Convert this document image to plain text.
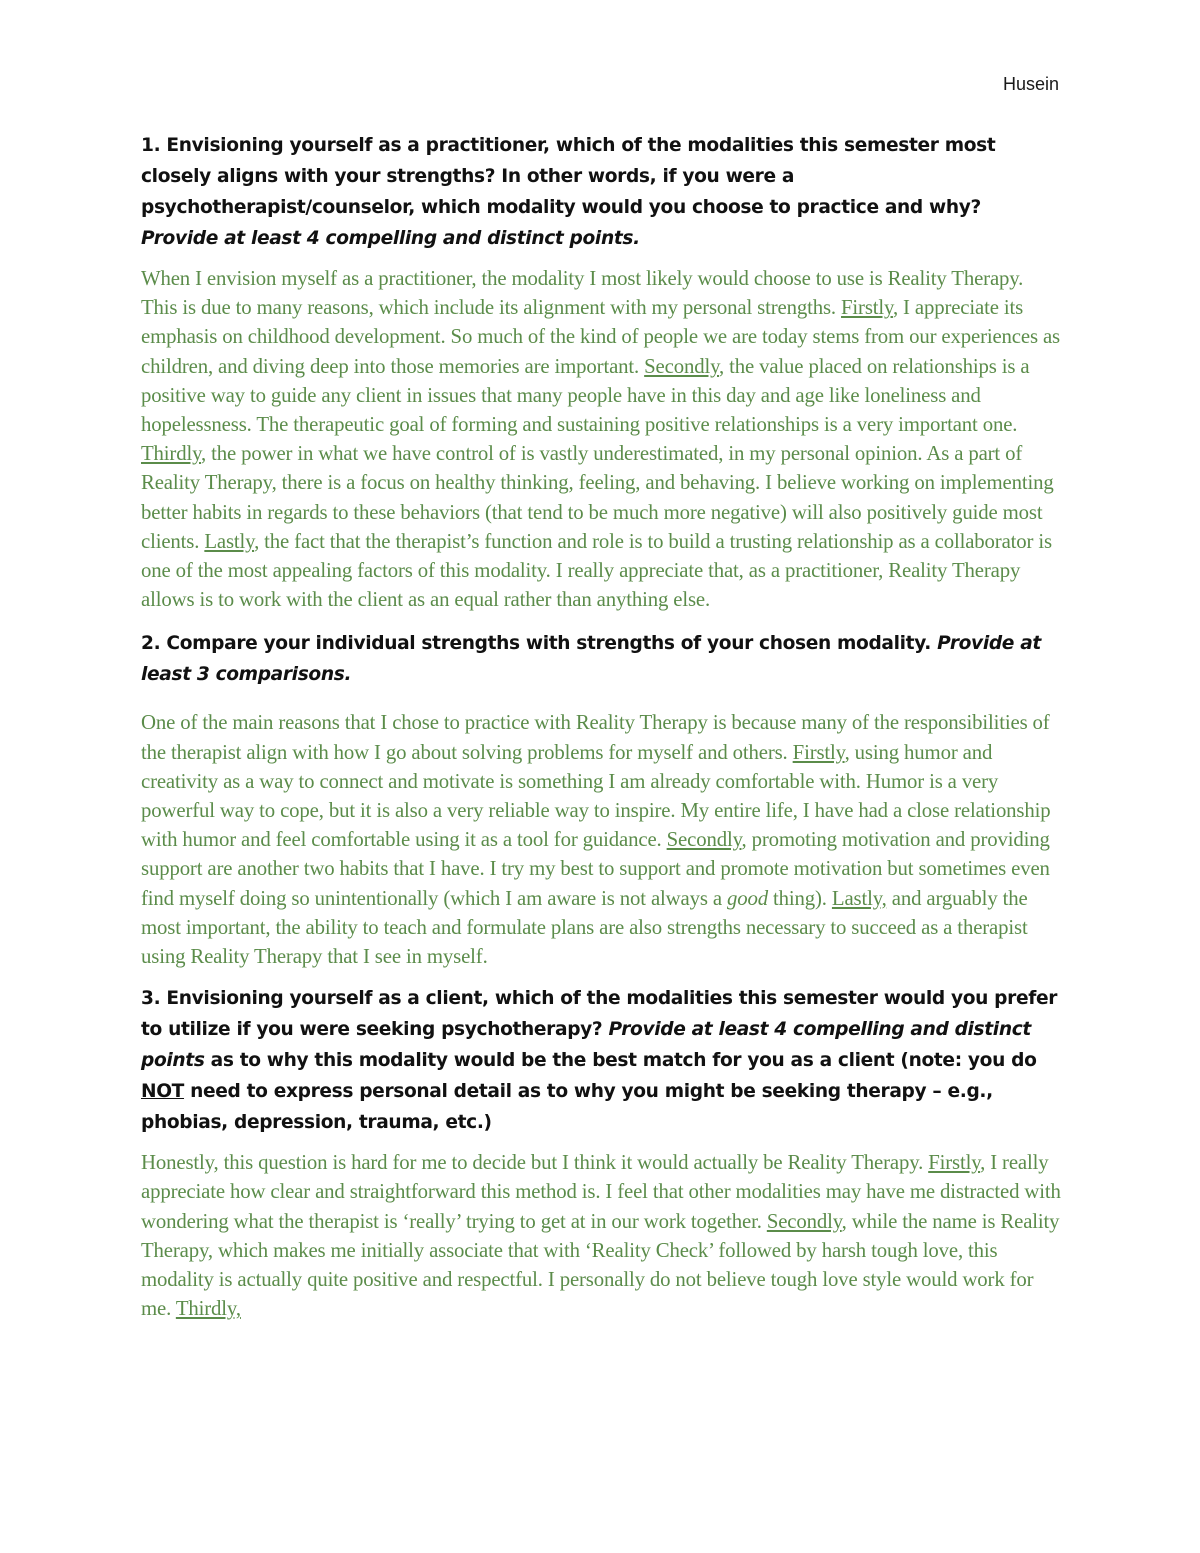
Husein

1. Envisioning yourself as a practitioner, which of the modalities this semester most closely aligns with your strengths? In other words, if you were a psychotherapist/counselor, which modality would you choose to practice and why? Provide at least 4 compelling and distinct points.

When I envision myself as a practitioner, the modality I most likely would choose to use is Reality Therapy. This is due to many reasons, which include its alignment with my personal strengths. Firstly, I appreciate its emphasis on childhood development. So much of the kind of people we are today stems from our experiences as children, and diving deep into those memories are important. Secondly, the value placed on relationships is a positive way to guide any client in issues that many people have in this day and age like loneliness and hopelessness. The therapeutic goal of forming and sustaining positive relationships is a very important one. Thirdly, the power in what we have control of is vastly underestimated, in my personal opinion. As a part of Reality Therapy, there is a focus on healthy thinking, feeling, and behaving. I believe working on implementing better habits in regards to these behaviors (that tend to be much more negative) will also positively guide most clients. Lastly, the fact that the therapist’s function and role is to build a trusting relationship as a collaborator is one of the most appealing factors of this modality. I really appreciate that, as a practitioner, Reality Therapy allows is to work with the client as an equal rather than anything else.

2. Compare your individual strengths with strengths of your chosen modality. Provide at least 3 comparisons.

One of the main reasons that I chose to practice with Reality Therapy is because many of the responsibilities of the therapist align with how I go about solving problems for myself and others. Firstly, using humor and creativity as a way to connect and motivate is something I am already comfortable with. Humor is a very powerful way to cope, but it is also a very reliable way to inspire. My entire life, I have had a close relationship with humor and feel comfortable using it as a tool for guidance. Secondly, promoting motivation and providing support are another two habits that I have. I try my best to support and promote motivation but sometimes even find myself doing so unintentionally (which I am aware is not always a good thing). Lastly, and arguably the most important, the ability to teach and formulate plans are also strengths necessary to succeed as a therapist using Reality Therapy that I see in myself.

3. Envisioning yourself as a client, which of the modalities this semester would you prefer to utilize if you were seeking psychotherapy? Provide at least 4 compelling and distinct points as to why this modality would be the best match for you as a client (note: you do NOT need to express personal detail as to why you might be seeking therapy – e.g., phobias, depression, trauma, etc.)

Honestly, this question is hard for me to decide but I think it would actually be Reality Therapy. Firstly, I really appreciate how clear and straightforward this method is. I feel that other modalities may have me distracted with wondering what the therapist is ‘really’ trying to get at in our work together. Secondly, while the name is Reality Therapy, which makes me initially associate that with ‘Reality Check’ followed by harsh tough love, this modality is actually quite positive and respectful. I personally do not believe tough love style would work for me. Thirdly,
